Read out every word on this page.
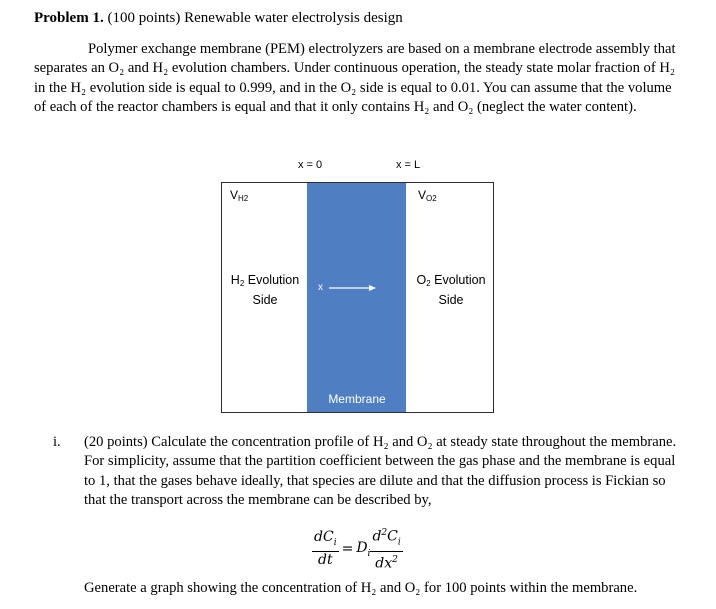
Problem 1. (100 points) Renewable water electrolysis design

Polymer exchange membrane (PEM) electrolyzers are based on a membrane electrode assembly that separates an O₂ and H₂ evolution chambers. Under continuous operation, the steady state molar fraction of H₂ in the H₂ evolution side is equal to 0.999, and in the O₂ side is equal to 0.01. You can assume that the volume of each of the reactor chambers is equal and that it only contains H₂ and O₂ (neglect the water content).

x = 0	x = L
$V_{H2}$	$V_{O2}$
$H_2$ Evolution
Side
$O_2$ Evolution
Side
x
Membrane
i. (20 points) Calculate the concentration profile of H₂ and O₂ at steady state throughout the membrane. For simplicity, assume that the partition coefficient between the gas phase and the membrane is equal to 1, that the gases behave ideally, that species are dilute and that the diffusion process is Fickian so that the transport across the membrane can be described by,

$\frac{dC_i}{dt} = D_i \frac{d^2C_i}{dx^2}$
Generate a graph showing the concentration of H₂ and O₂ for 100 points within the membrane.
